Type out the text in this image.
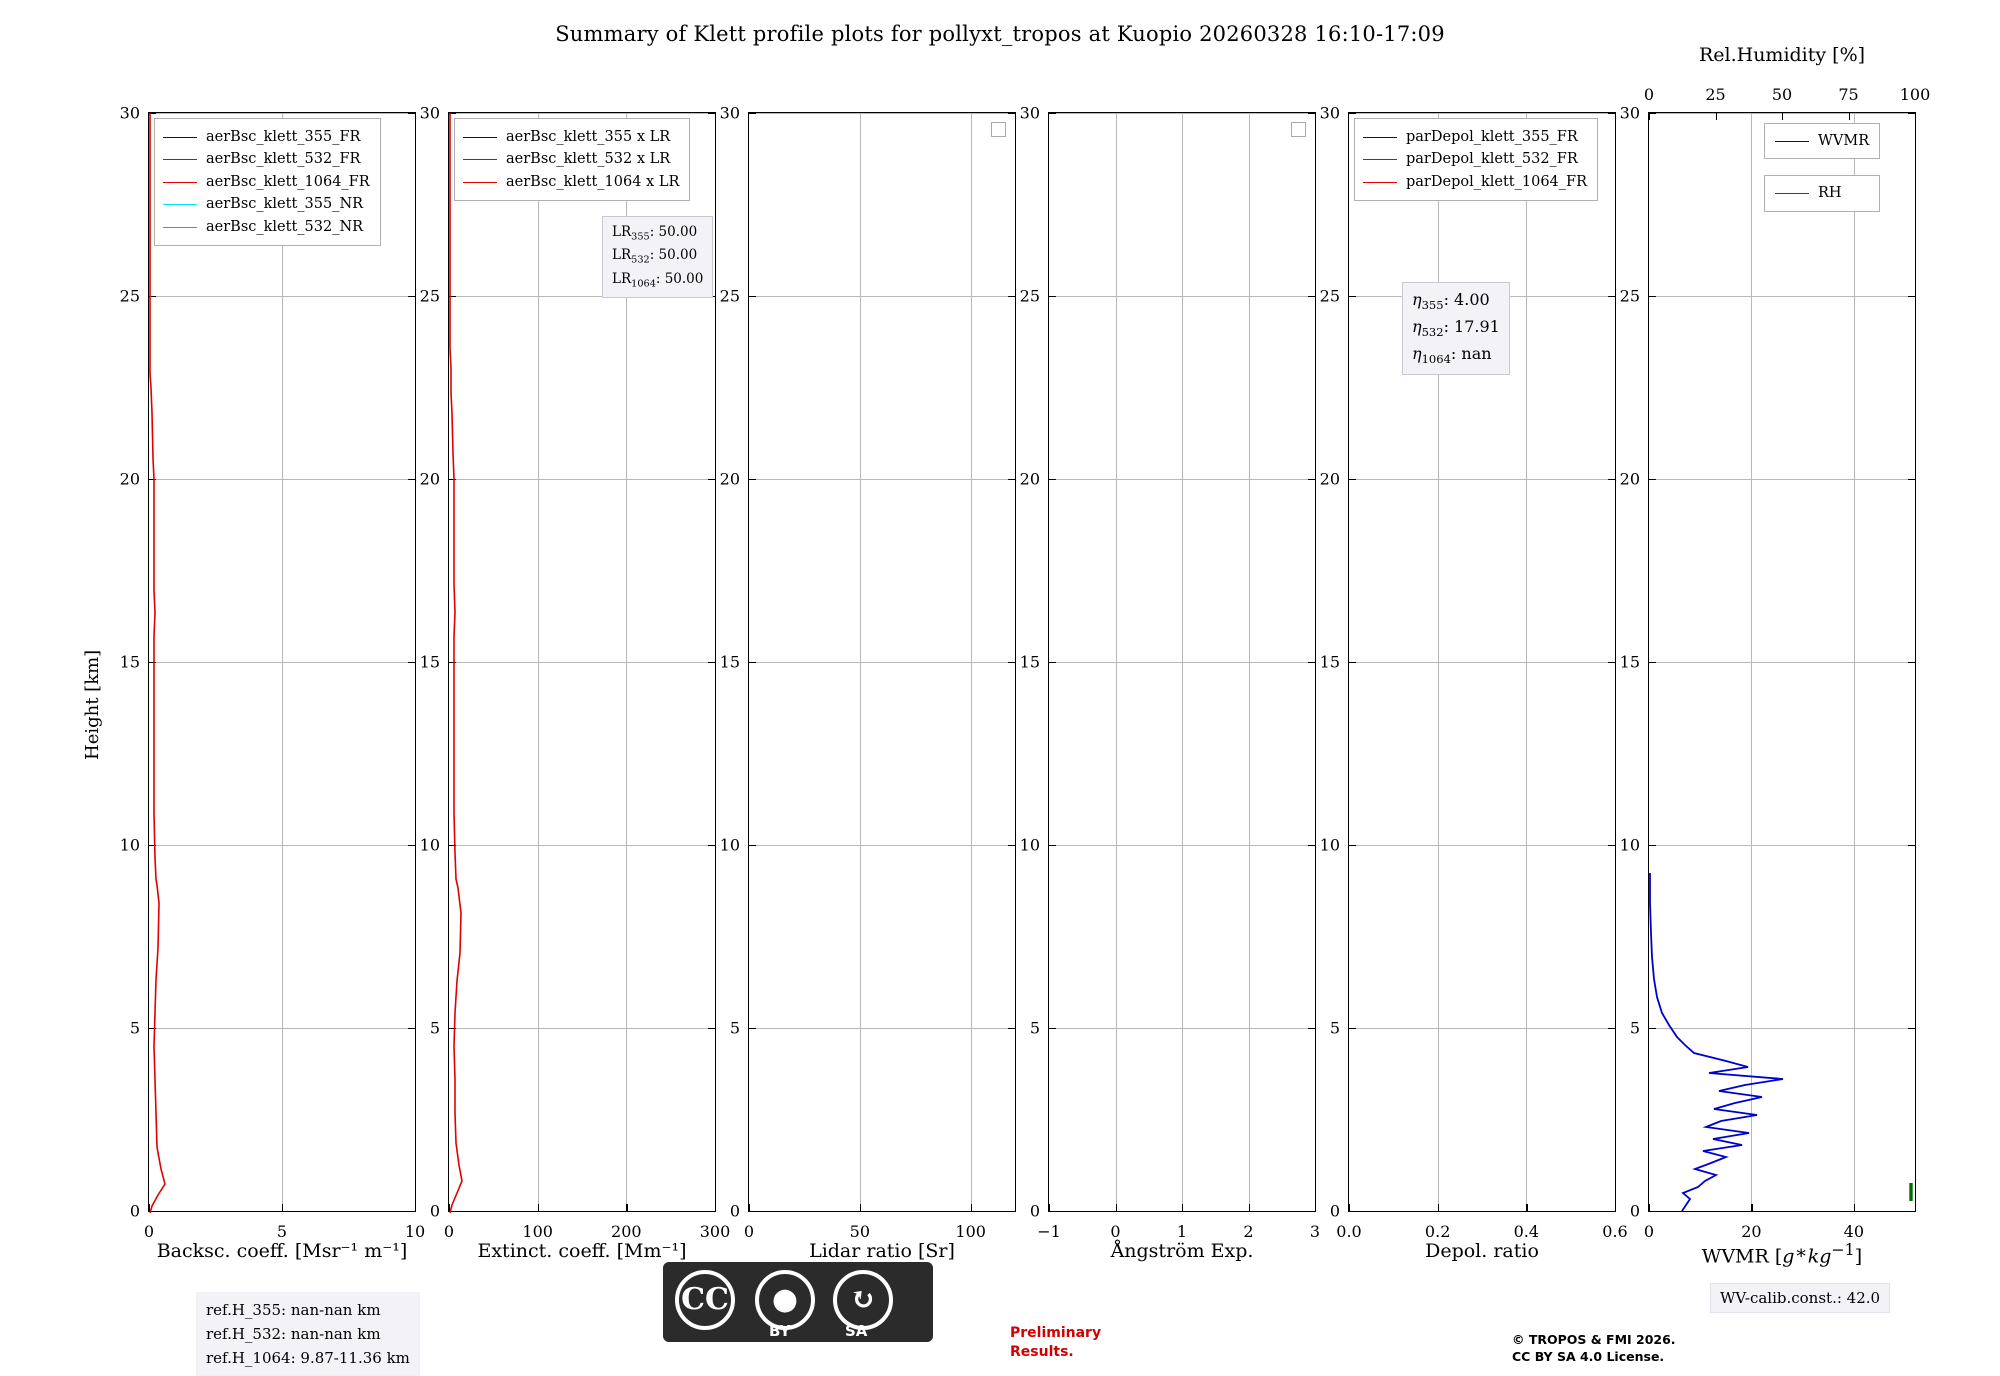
Summary of Klett profile plots for pollyxt_tropos at Kuopio 20260328 16:10-17:09
Height [km]
30
25
20
15
10
5
0
0	5	10
aerBsc_klett_355_FR
aerBsc_klett_532_FR
aerBsc_klett_1064_FR
aerBsc_klett_355_NR
aerBsc_klett_532_NR
Backsc. coeff. [Msr⁻¹ m⁻¹]
30
25
20
15
10
5
0
0	100	200	300
aerBsc_klett_355 x LR
aerBsc_klett_532 x LR
aerBsc_klett_1064 x LR
$LR_{355}$: 50.00
$LR_{532}$: 50.00
$LR_{1064}$: 50.00
Extinct. coeff. [Mm⁻¹]
30
25
20
15
10
5
0
0	50	100
Lidar ratio [Sr]
30
25
20
15
10
5
0
−1	0	1	2	3
Ångström Exp.
30
25
20
15
10
5
0
0.0	0.2	0.4	0.6
parDepol_klett_355_FR
parDepol_klett_532_FR
parDepol_klett_1064_FR
$\eta_{355}$: 4.00
$\eta_{532}$: 17.91
$\eta_{1064}$: nan
Depol. ratio
Rel.Humidity [%]
30
25
20
15
10
5
0
0	20	40
0	25	50	75	100
WVMR
RH
WVMR [g * $kg^{-1}$]
ref.H_355: nan-nan km
ref.H_532: nan-nan km
ref.H_1064: 9.87-11.36 km
CC	●	↻
BY	SA	Preliminary
Results.
© TROPOS & FMI 2026.
CC BY SA 4.0 License.
WV-calib.const.: 42.0
